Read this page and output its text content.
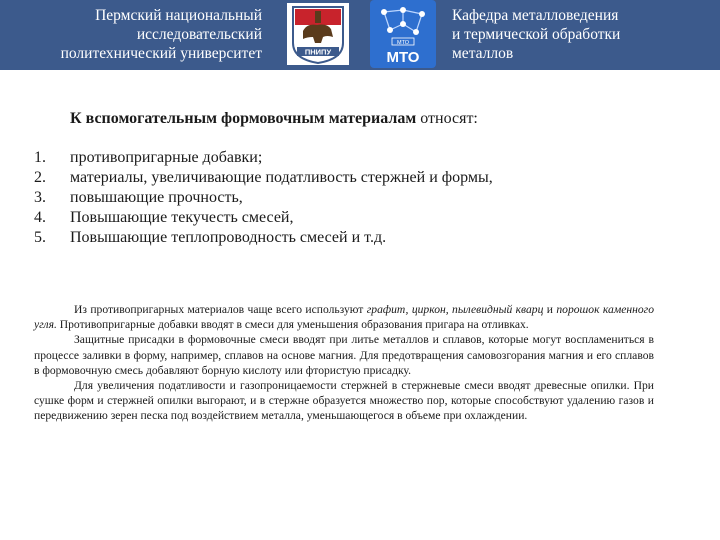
Пермский национальный
исследовательский
политехнический университет	ПНИПУ
МТО
МТО
Кафедра металловедения
и термической обработки
металлов
К вспомогательным формовочным материалам относят:
1.	противопригарные добавки;
2.	материалы, увеличивающие податливость стержней и формы,
3.	повышающие прочность,
4.	Повышающие текучесть смесей,
5.	Повышающие теплопроводность смесей и т.д.

Из противопригарных материалов чаще всего используют графит, циркон, пылевидный кварц и порошок каменного угля. Противопригарные добавки вводят в смеси для уменьшения образования пригара на отливках.

Защитные присадки в формовочные смеси вводят при литье металлов и сплавов, которые могут воспламениться в процессе заливки в форму, например, сплавов на основе магния. Для предотвращения самовозгорания магния и его сплавов в формовочную смесь добавляют борную кислоту или фтористую присадку.

Для увеличения податливости и газопроницаемости стержней в стержневые смеси вводят древесные опилки. При сушке форм и стержней опилки выгорают, и в стержне образуется множество пор, которые способствуют удалению газов и передвижению зерен песка под воздействием металла, уменьшающегося в объеме при охлаждении.
